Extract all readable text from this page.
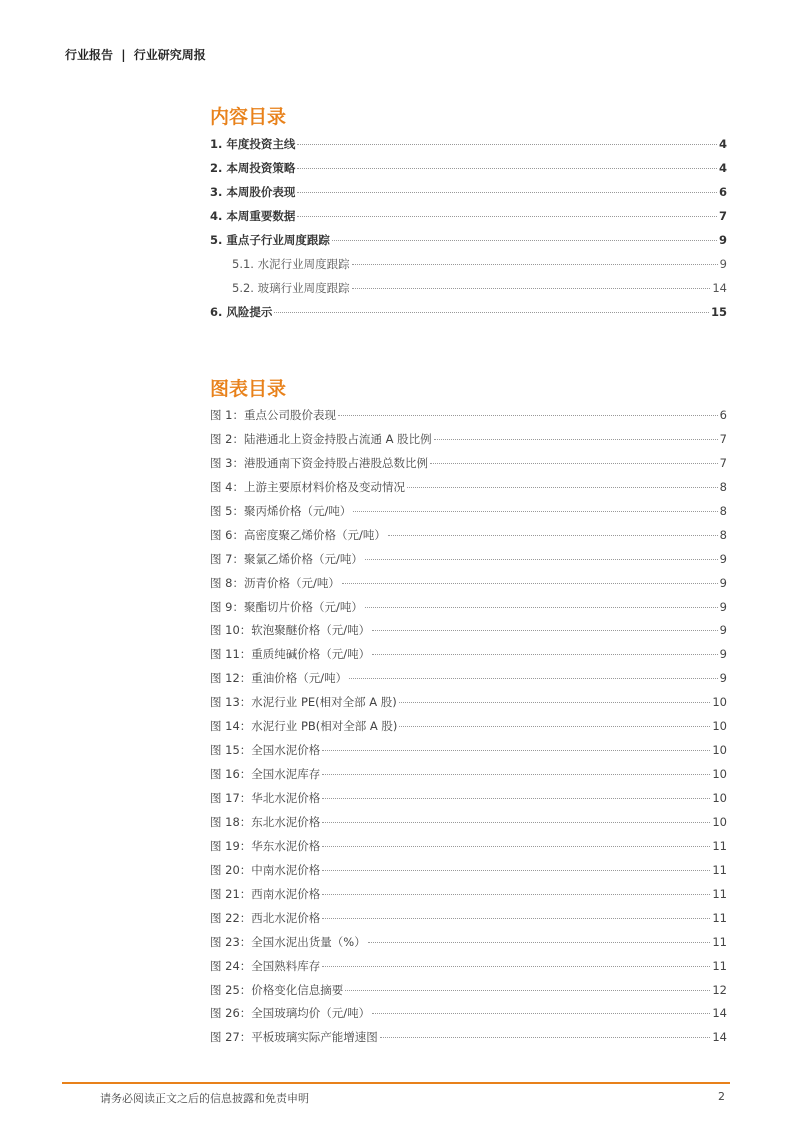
行业报告 | 行业研究周报
内容目录
1. 年度投资主线	4
2. 本周投资策略	4
3. 本周股价表现	6
4. 本周重要数据	7
5. 重点子行业周度跟踪	9
5.1. 水泥行业周度跟踪	9
5.2. 玻璃行业周度跟踪	14
6. 风险提示	15
图表目录
图 1：重点公司股价表现	6
图 2：陆港通北上资金持股占流通 A 股比例	7
图 3：港股通南下资金持股占港股总数比例	7
图 4：上游主要原材料价格及变动情况	8
图 5：聚丙烯价格（元/吨）	8
图 6：高密度聚乙烯价格（元/吨）	8
图 7：聚氯乙烯价格（元/吨）	9
图 8：沥青价格（元/吨）	9
图 9：聚酯切片价格（元/吨）	9
图 10：软泡聚醚价格（元/吨）	9
图 11：重质纯碱价格（元/吨）	9
图 12：重油价格（元/吨）	9
图 13：水泥行业 PE(相对全部 A 股)	10
图 14：水泥行业 PB(相对全部 A 股)	10
图 15：全国水泥价格	10
图 16：全国水泥库存	10
图 17：华北水泥价格	10
图 18：东北水泥价格	10
图 19：华东水泥价格	11
图 20：中南水泥价格	11
图 21：西南水泥价格	11
图 22：西北水泥价格	11
图 23：全国水泥出货量（%）	11
图 24：全国熟料库存	11
图 25：价格变化信息摘要	12
图 26：全国玻璃均价（元/吨）	14
图 27：平板玻璃实际产能增速图	14
请务必阅读正文之后的信息披露和免责申明	2
